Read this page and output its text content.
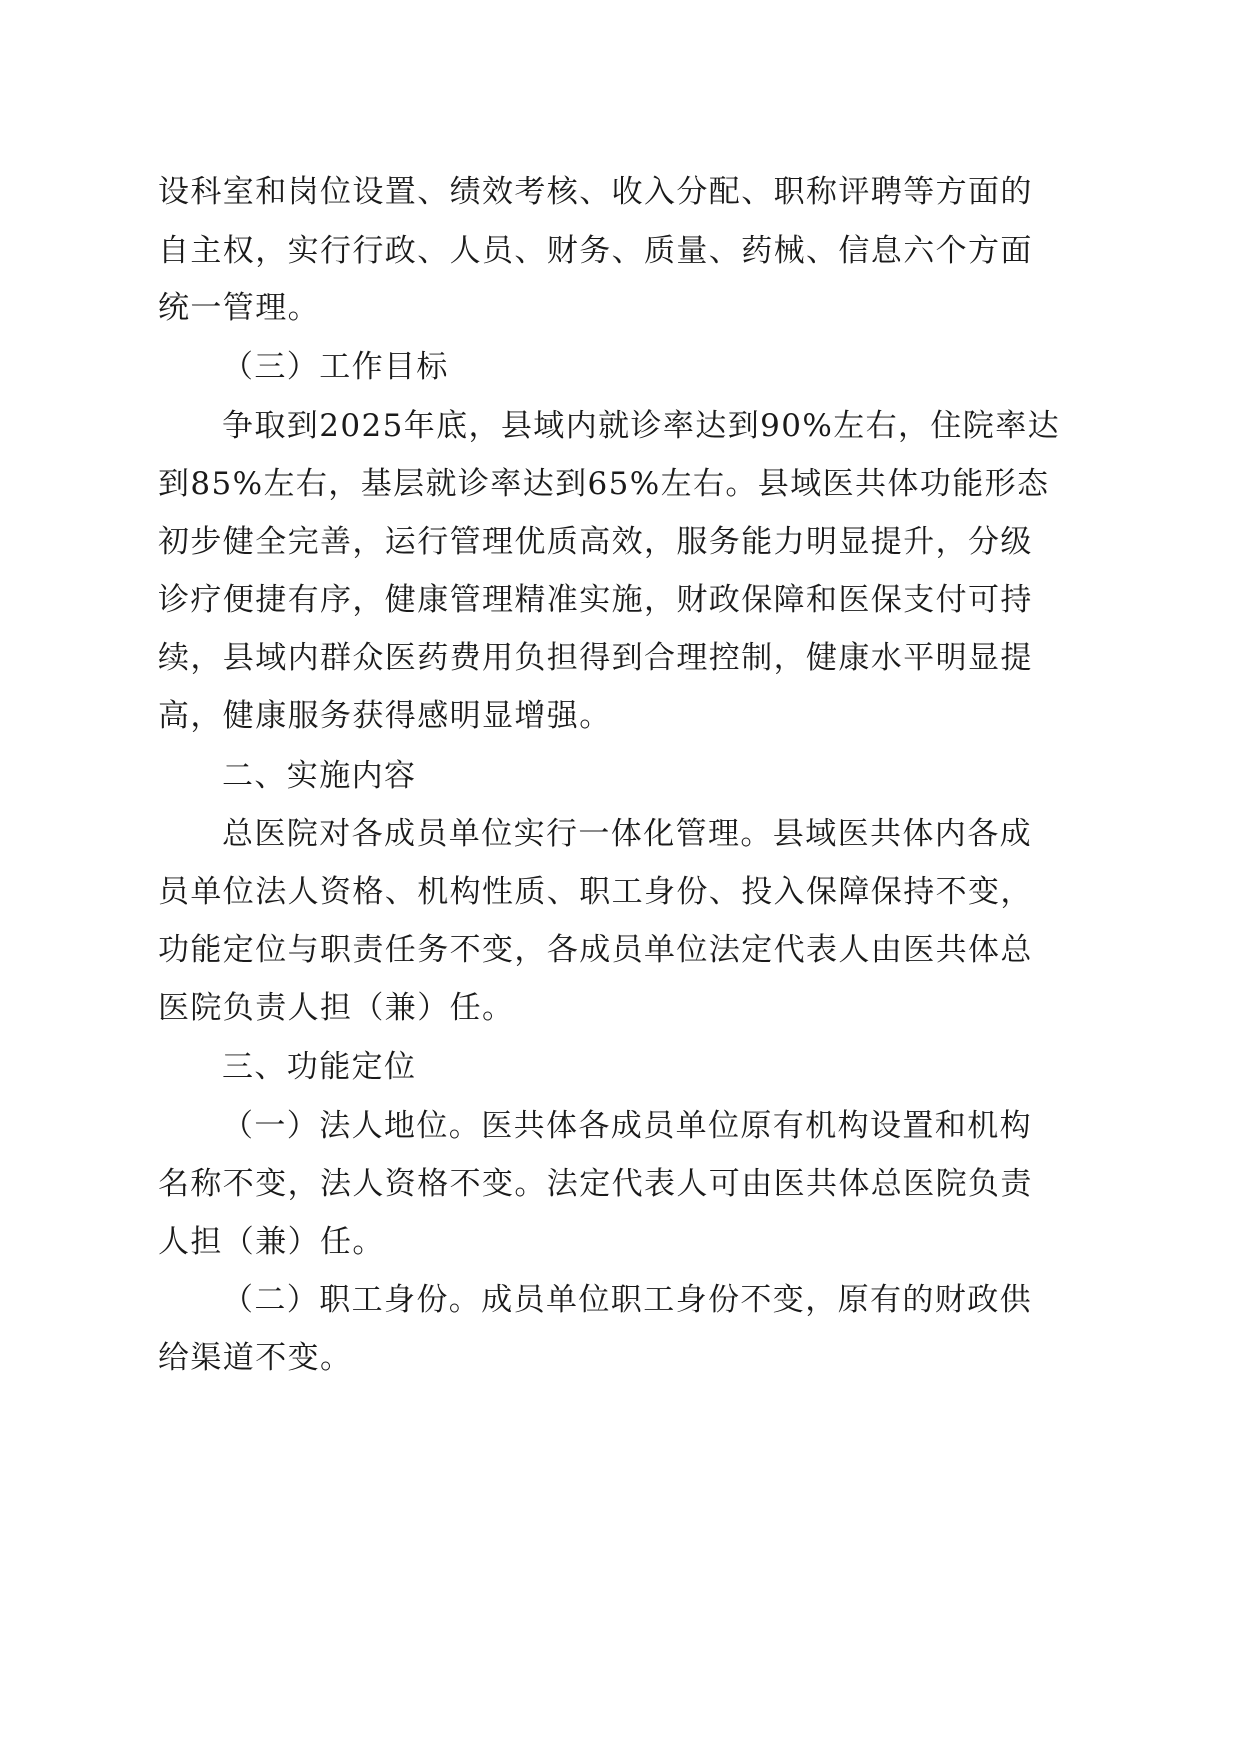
设科室和岗位设置、绩效考核、收入分配、职称评聘等方面的
自主权，实行行政、人员、财务、质量、药械、信息六个方面
统一管理。
（三）工作目标
争取到2025年底，县域内就诊率达到90%左右，住院率达
到85%左右，基层就诊率达到65%左右。县域医共体功能形态
初步健全完善，运行管理优质高效，服务能力明显提升，分级
诊疗便捷有序，健康管理精准实施，财政保障和医保支付可持
续，县域内群众医药费用负担得到合理控制，健康水平明显提
高，健康服务获得感明显增强。
二、实施内容
总医院对各成员单位实行一体化管理。县域医共体内各成
员单位法人资格、机构性质、职工身份、投入保障保持不变，
功能定位与职责任务不变，各成员单位法定代表人由医共体总
医院负责人担（兼）任。
三、功能定位
（一）法人地位。医共体各成员单位原有机构设置和机构
名称不变，法人资格不变。法定代表人可由医共体总医院负责
人担（兼）任。
（二）职工身份。成员单位职工身份不变，原有的财政供
给渠道不变。
